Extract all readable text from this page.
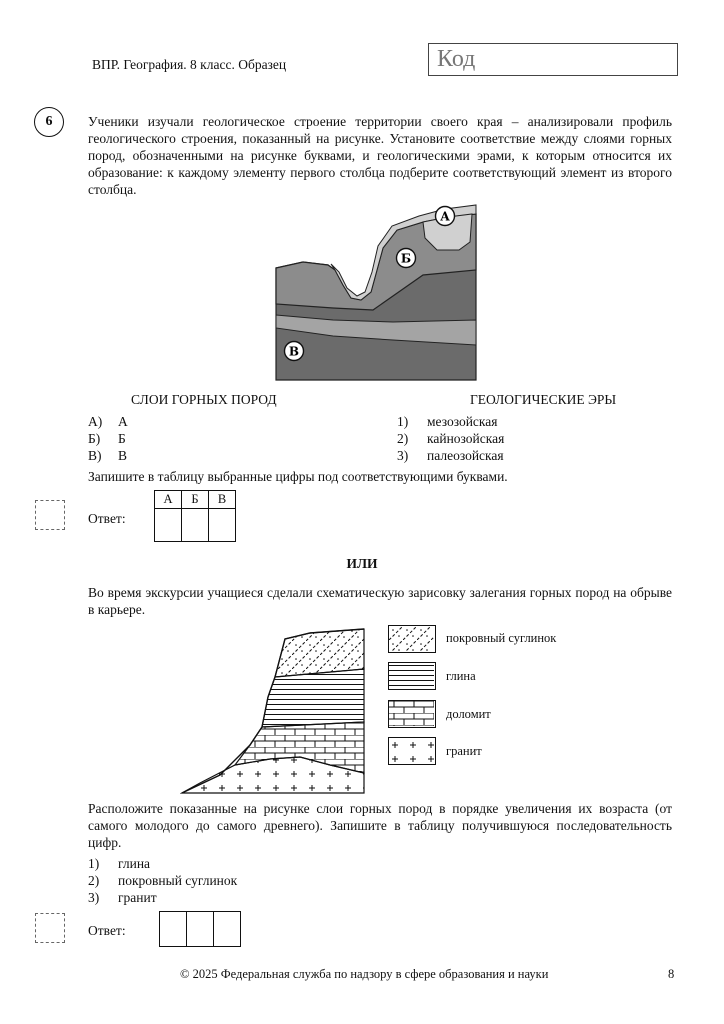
ВПР. География. 8 класс. Образец	Код
6	Ученики изучали геологическое строение территории своего края – анализировали профиль геологического строения, показанный на рисунке. Установите соответствие между слоями горных пород, обозначенными на рисунке буквами, и геологическими эрами, к которым относится их образование: к каждому элементу первого столбца подберите соответствующий элемент из второго столбца.
А
Б
В
СЛОИ ГОРНЫХ ПОРОД	ГЕОЛОГИЧЕСКИЕ ЭРЫ
А) А
Б) Б
В) В
1) мезозойская
2) кайнозойская
3) палеозойская
Запишите в таблицу выбранные цифры под соответствующими буквами.
Ответ:
А	Б	В

ИЛИ
Во время экскурсии учащиеся сделали схематическую зарисовку залегания горных пород на обрыве в карьере.
покровный суглинок
глина
доломит
гранит
Расположите показанные на рисунке слои горных пород в порядке увеличения их возраста (от самого молодого до самого древнего). Запишите в таблицу получившуюся последовательность цифр.
1) глина
2) покровный суглинок
3) гранит
Ответ:

© 2025 Федеральная служба по надзору в сфере образования и науки	8
